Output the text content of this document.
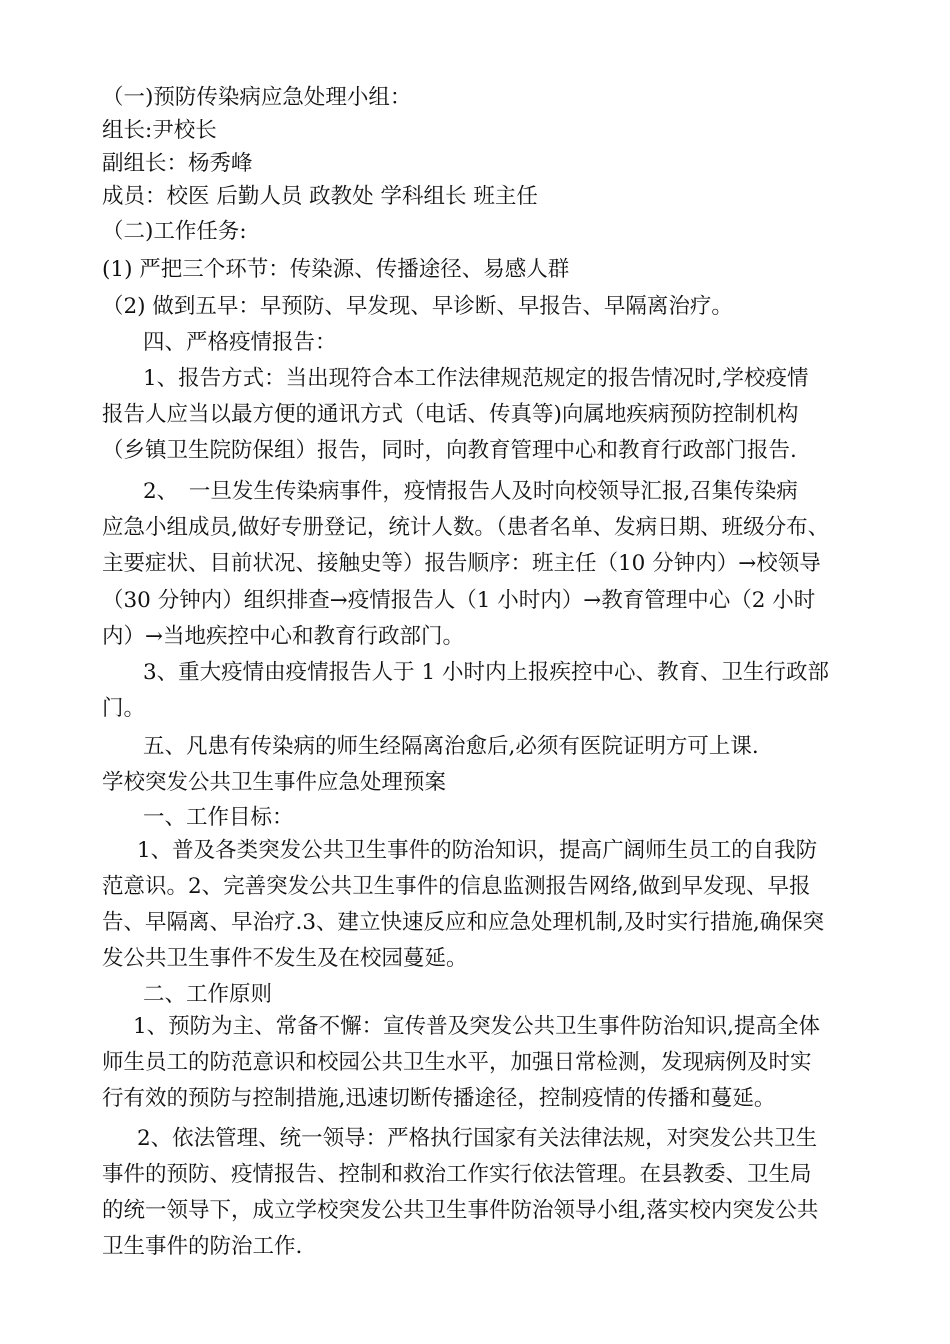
（一)预防传染病应急处理小组：
组长:尹校长
副组长：杨秀峰
成员：校医 后勤人员 政教处 学科组长 班主任
（二)工作任务:
(1) 严把三个环节：传染源、传播途径、易感人群
（2) 做到五早：早预防、早发现、早诊断、早报告、早隔离治疗。
四、严格疫情报告：
1、报告方式：当出现符合本工作法律规范规定的报告情况时,学校疫情
报告人应当以最方便的通讯方式（电话、传真等)向属地疾病预防控制机构
（乡镇卫生院防保组）报告，同时，向教育管理中心和教育行政部门报告.
2、　一旦发生传染病事件，疫情报告人及时向校领导汇报,召集传染病
应急小组成员,做好专册登记，统计人数。（患者名单、发病日期、班级分布、
主要症状、目前状况、接触史等）报告顺序：班主任（10 分钟内）→校领导
（30 分钟内）组织排查→疫情报告人（1 小时内）→教育管理中心（2 小时
内）→当地疾控中心和教育行政部门。
3、重大疫情由疫情报告人于 1 小时内上报疾控中心、教育、卫生行政部
门。
五、凡患有传染病的师生经隔离治愈后,必须有医院证明方可上课.
学校突发公共卫生事件应急处理预案
一、工作目标：
1、普及各类突发公共卫生事件的防治知识，提高广阔师生员工的自我防
范意识。2、完善突发公共卫生事件的信息监测报告网络,做到早发现、早报
告、早隔离、早治疗.3、建立快速反应和应急处理机制,及时实行措施,确保突
发公共卫生事件不发生及在校园蔓延。
二、工作原则
1、预防为主、常备不懈：宣传普及突发公共卫生事件防治知识,提高全体
师生员工的防范意识和校园公共卫生水平，加强日常检测，发现病例及时实
行有效的预防与控制措施,迅速切断传播途径，控制疫情的传播和蔓延。
2、依法管理、统一领导：严格执行国家有关法律法规，对突发公共卫生
事件的预防、疫情报告、控制和救治工作实行依法管理。在县教委、卫生局
的统一领导下，成立学校突发公共卫生事件防治领导小组,落实校内突发公共
卫生事件的防治工作.
